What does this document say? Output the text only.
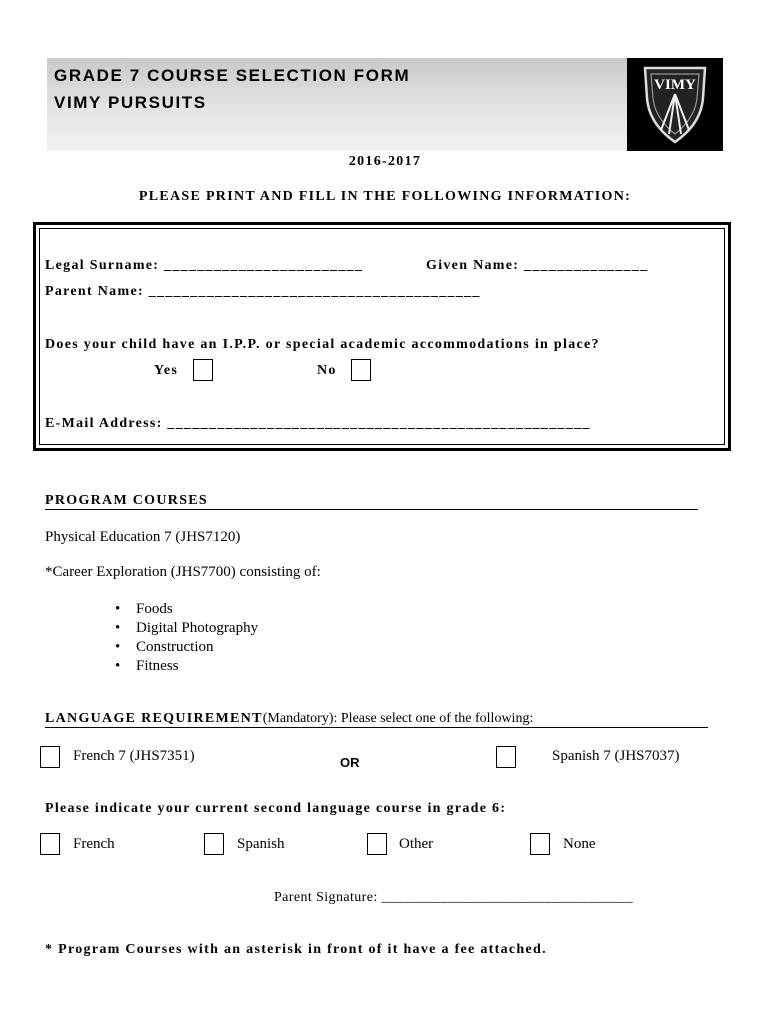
GRADE 7 COURSE SELECTION FORM
VIMY PURSUITS
VIMY
2016-2017
PLEASE PRINT AND FILL IN THE FOLLOWING INFORMATION:
Legal Surname: ________________________	Given Name: _______________
Parent Name: ________________________________________
Does your child have an I.P.P. or special academic accommodations in place?
Yes	No
E-Mail Address: ___________________________________________________
PROGRAM COURSES
Physical Education 7 (JHS7120)
*Career Exploration (JHS7700) consisting of:
• Foods
• Digital Photography
• Construction
• Fitness
LANGUAGE REQUIREMENT(Mandatory): Please select one of the following:
French 7 (JHS7351)	OR	Spanish 7 (JHS7037)
Please indicate your current second language course in grade 6:
French	Spanish	Other	None
Parent Signature: __________________________________
* Program Courses with an asterisk in front of it have a fee attached.
